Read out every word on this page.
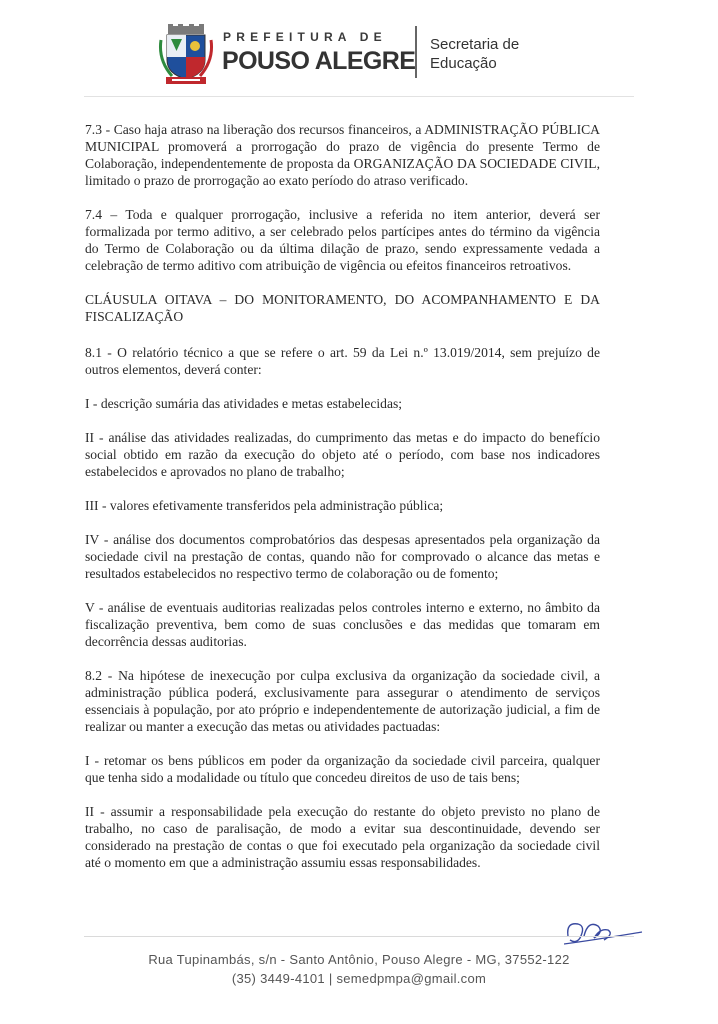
PREFEITURA DE
POUSO ALEGRE
Secretaria de
Educação

7.3 - Caso haja atraso na liberação dos recursos financeiros, a ADMINISTRAÇÃO PÚBLICA MUNICIPAL promoverá a prorrogação do prazo de vigência do presente Termo de Colaboração, independentemente de proposta da ORGANIZAÇÃO DA SOCIEDADE CIVIL, limitado o prazo de prorrogação ao exato período do atraso verificado.

7.4 – Toda e qualquer prorrogação, inclusive a referida no item anterior, deverá ser formalizada por termo aditivo, a ser celebrado pelos partícipes antes do término da vigência do Termo de Colaboração ou da última dilação de prazo, sendo expressamente vedada a celebração de termo aditivo com atribuição de vigência ou efeitos financeiros retroativos.

CLÁUSULA OITAVA – DO MONITORAMENTO, DO ACOMPANHAMENTO E DA FISCALIZAÇÃO

8.1 - O relatório técnico a que se refere o art. 59 da Lei n.º 13.019/2014, sem prejuízo de outros elementos, deverá conter:

I - descrição sumária das atividades e metas estabelecidas;

II - análise das atividades realizadas, do cumprimento das metas e do impacto do benefício social obtido em razão da execução do objeto até o período, com base nos indicadores estabelecidos e aprovados no plano de trabalho;

III - valores efetivamente transferidos pela administração pública;

IV - análise dos documentos comprobatórios das despesas apresentados pela organização da sociedade civil na prestação de contas, quando não for comprovado o alcance das metas e resultados estabelecidos no respectivo termo de colaboração ou de fomento;

V - análise de eventuais auditorias realizadas pelos controles interno e externo, no âmbito da fiscalização preventiva, bem como de suas conclusões e das medidas que tomaram em decorrência dessas auditorias.

8.2 - Na hipótese de inexecução por culpa exclusiva da organização da sociedade civil, a administração pública poderá, exclusivamente para assegurar o atendimento de serviços essenciais à população, por ato próprio e independentemente de autorização judicial, a fim de realizar ou manter a execução das metas ou atividades pactuadas:

I - retomar os bens públicos em poder da organização da sociedade civil parceira, qualquer que tenha sido a modalidade ou título que concedeu direitos de uso de tais bens;

II - assumir a responsabilidade pela execução do restante do objeto previsto no plano de trabalho, no caso de paralisação, de modo a evitar sua descontinuidade, devendo ser considerado na prestação de contas o que foi executado pela organização da sociedade civil até o momento em que a administração assumiu essas responsabilidades.

Rua Tupinambás, s/n - Santo Antônio, Pouso Alegre - MG, 37552-122
(35) 3449-4101 | semedpmpa@gmail.com
